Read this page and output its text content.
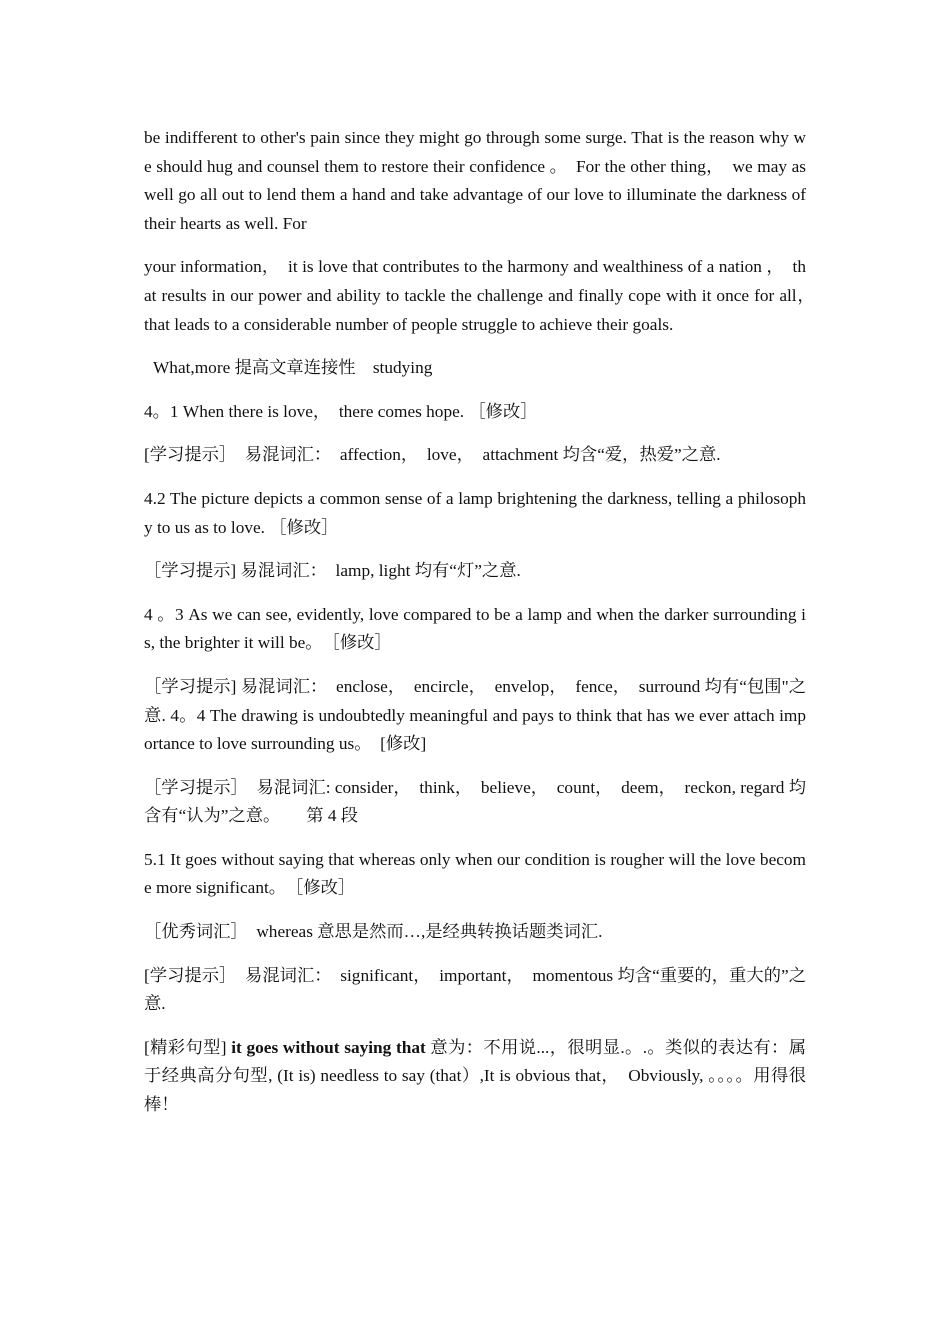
be indifferent to other's pain since they might go through some surge. That is the reason why we should hug and counsel them to restore their confidence 。　For the other thing，　we may as well go all out to lend them a hand and take advantage of our love to illuminate the darkness of their hearts as well. For

your information，　it is love that contributes to the harmony and wealthiness of a nation ，　that results in our power and ability to tackle the challenge and finally cope with it once for all，　that leads to a considerable number of people struggle to achieve their goals.

What,more 提高文章连接性　studying

4。1 When there is love，　there comes hope. ［修改］

[学习提示］　易混词汇：　affection，　love，　attachment 均含“爱，热爱”之意.

4.2 The picture depicts a common sense of a lamp brightening the darkness, telling a philosophy to us as to love. ［修改］

［学习提示] 易混词汇：　lamp, light 均有“灯”之意.

4 。3 As we can see, evidently, love compared to be a lamp and when the darker surrounding is, the brighter it will be。　［修改］

［学习提示] 易混词汇：　enclose，　encircle，　envelop，　fence，　surround 均有“包围"之意. 4。4 The drawing is undoubtedly meaningful and pays to think that has we ever attach importance to love surrounding us。　[修改]

［学习提示］　易混词汇: consider，　think，　believe，　count，　deem，　reckon, regard 均含有“认为”之意。　　第 4 段

5.1 It goes without saying that whereas only when our condition is rougher will the love become more significant。　［修改］

［优秀词汇］　whereas 意思是然而…,是经典转换话题类词汇.

[学习提示］　易混词汇：　significant，　important，　momentous 均含“重要的，重大的”之意.

[精彩句型] it goes without saying that 意为：不用说...，很明显.。.。类似的表达有：属于经典高分句型, (It is) needless to say (that）,It is obvious that，　Obviously, 。。。。用得很棒！
